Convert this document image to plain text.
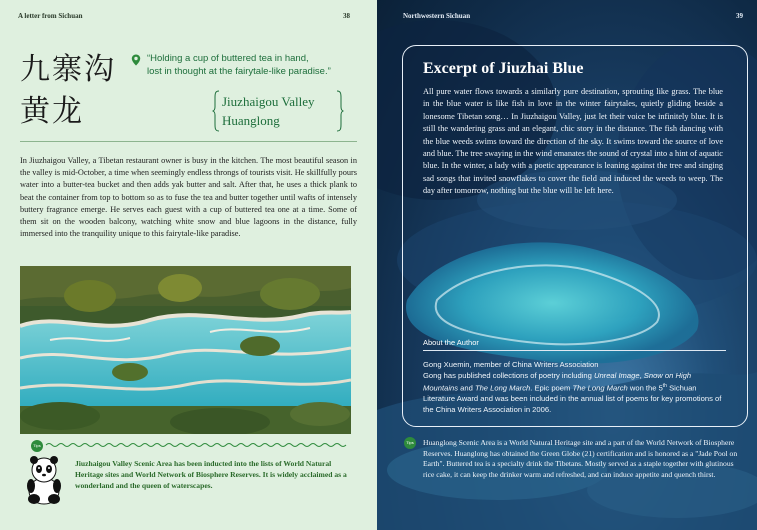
A letter from Sichuan	38
九寨沟
黄龙
“Holding a cup of buttered tea in hand,
lost in thought at the fairytale-like paradise.”
Jiuzhaigou Valley
Huanglong
In Jiuzhaigou Valley, a Tibetan restaurant owner is busy in the kitchen. The most beautiful season in the valley is mid-October, a time when seemingly endless throngs of tourists visit. He skillfully pours water into a butter-tea bucket and then adds yak butter and salt. After that, he uses a thick plank to beat the container from top to bottom so as to fuse the tea and butter together until wafts of intensely buttery fragrance emerge. He serves each guest with a cup of buttered tea one at a time. Some of them sit on the wooden balcony, watching white snow and blue lagoons in the distance, fully immersed into the tranquility unique to this fairytale-like paradise.
Tips
Jiuzhaigou Valley Scenic Area has been inducted into the lists of World Natural Heritage sites and World Network of Biosphere Reserves. It is widely acclaimed as a wonderland and the queen of waterscapes.
Northwestern Sichuan	39
Excerpt of Jiuzhai Blue
All pure water flows towards a similarly pure destination, sprouting like grass. The blue in the blue water is like fish in love in the winter fairytales, quietly gliding beside a lonesome Tibetan song… In Jiuzhaigou Valley, just let their voice be infinitely blue. It is still the wandering grass and an elegant, chic story in the distance. The fish dancing with the blue weeds swims toward the direction of the sky. It swims toward the source of love and blue. The tree swaying in the wind emanates the sound of crystal into a hint of aquatic blue. In the winter, a lady with a poetic appearance is leaning against the tree and singing sad songs that invited snowflakes to cover the field and induced the weeds to weep. The day after tomorrow, nothing but the blue will be left here.
About the Author
Gong Xuemin, member of China Writers Association
Gong has published collections of poetry including Unreal Image, Snow on High Mountains and The Long March. Epic poem The Long March won the 5th Sichuan Literature Award and was been included in the annual list of poems for key promotions of the China Writers Association in 2006.
Tips	Huanglong Scenic Area is a World Natural Heritage site and a part of the World Network of Biosphere Reserves. Huanglong has obtained the Green Globe (21) certification and is honored as a "Jade Pool on Earth". Buttered tea is a specialty drink the Tibetans. Mostly served as a staple together with glutinous rice cake, it can keep the drinker warm and refreshed, and can induce appetite and quench thirst.
